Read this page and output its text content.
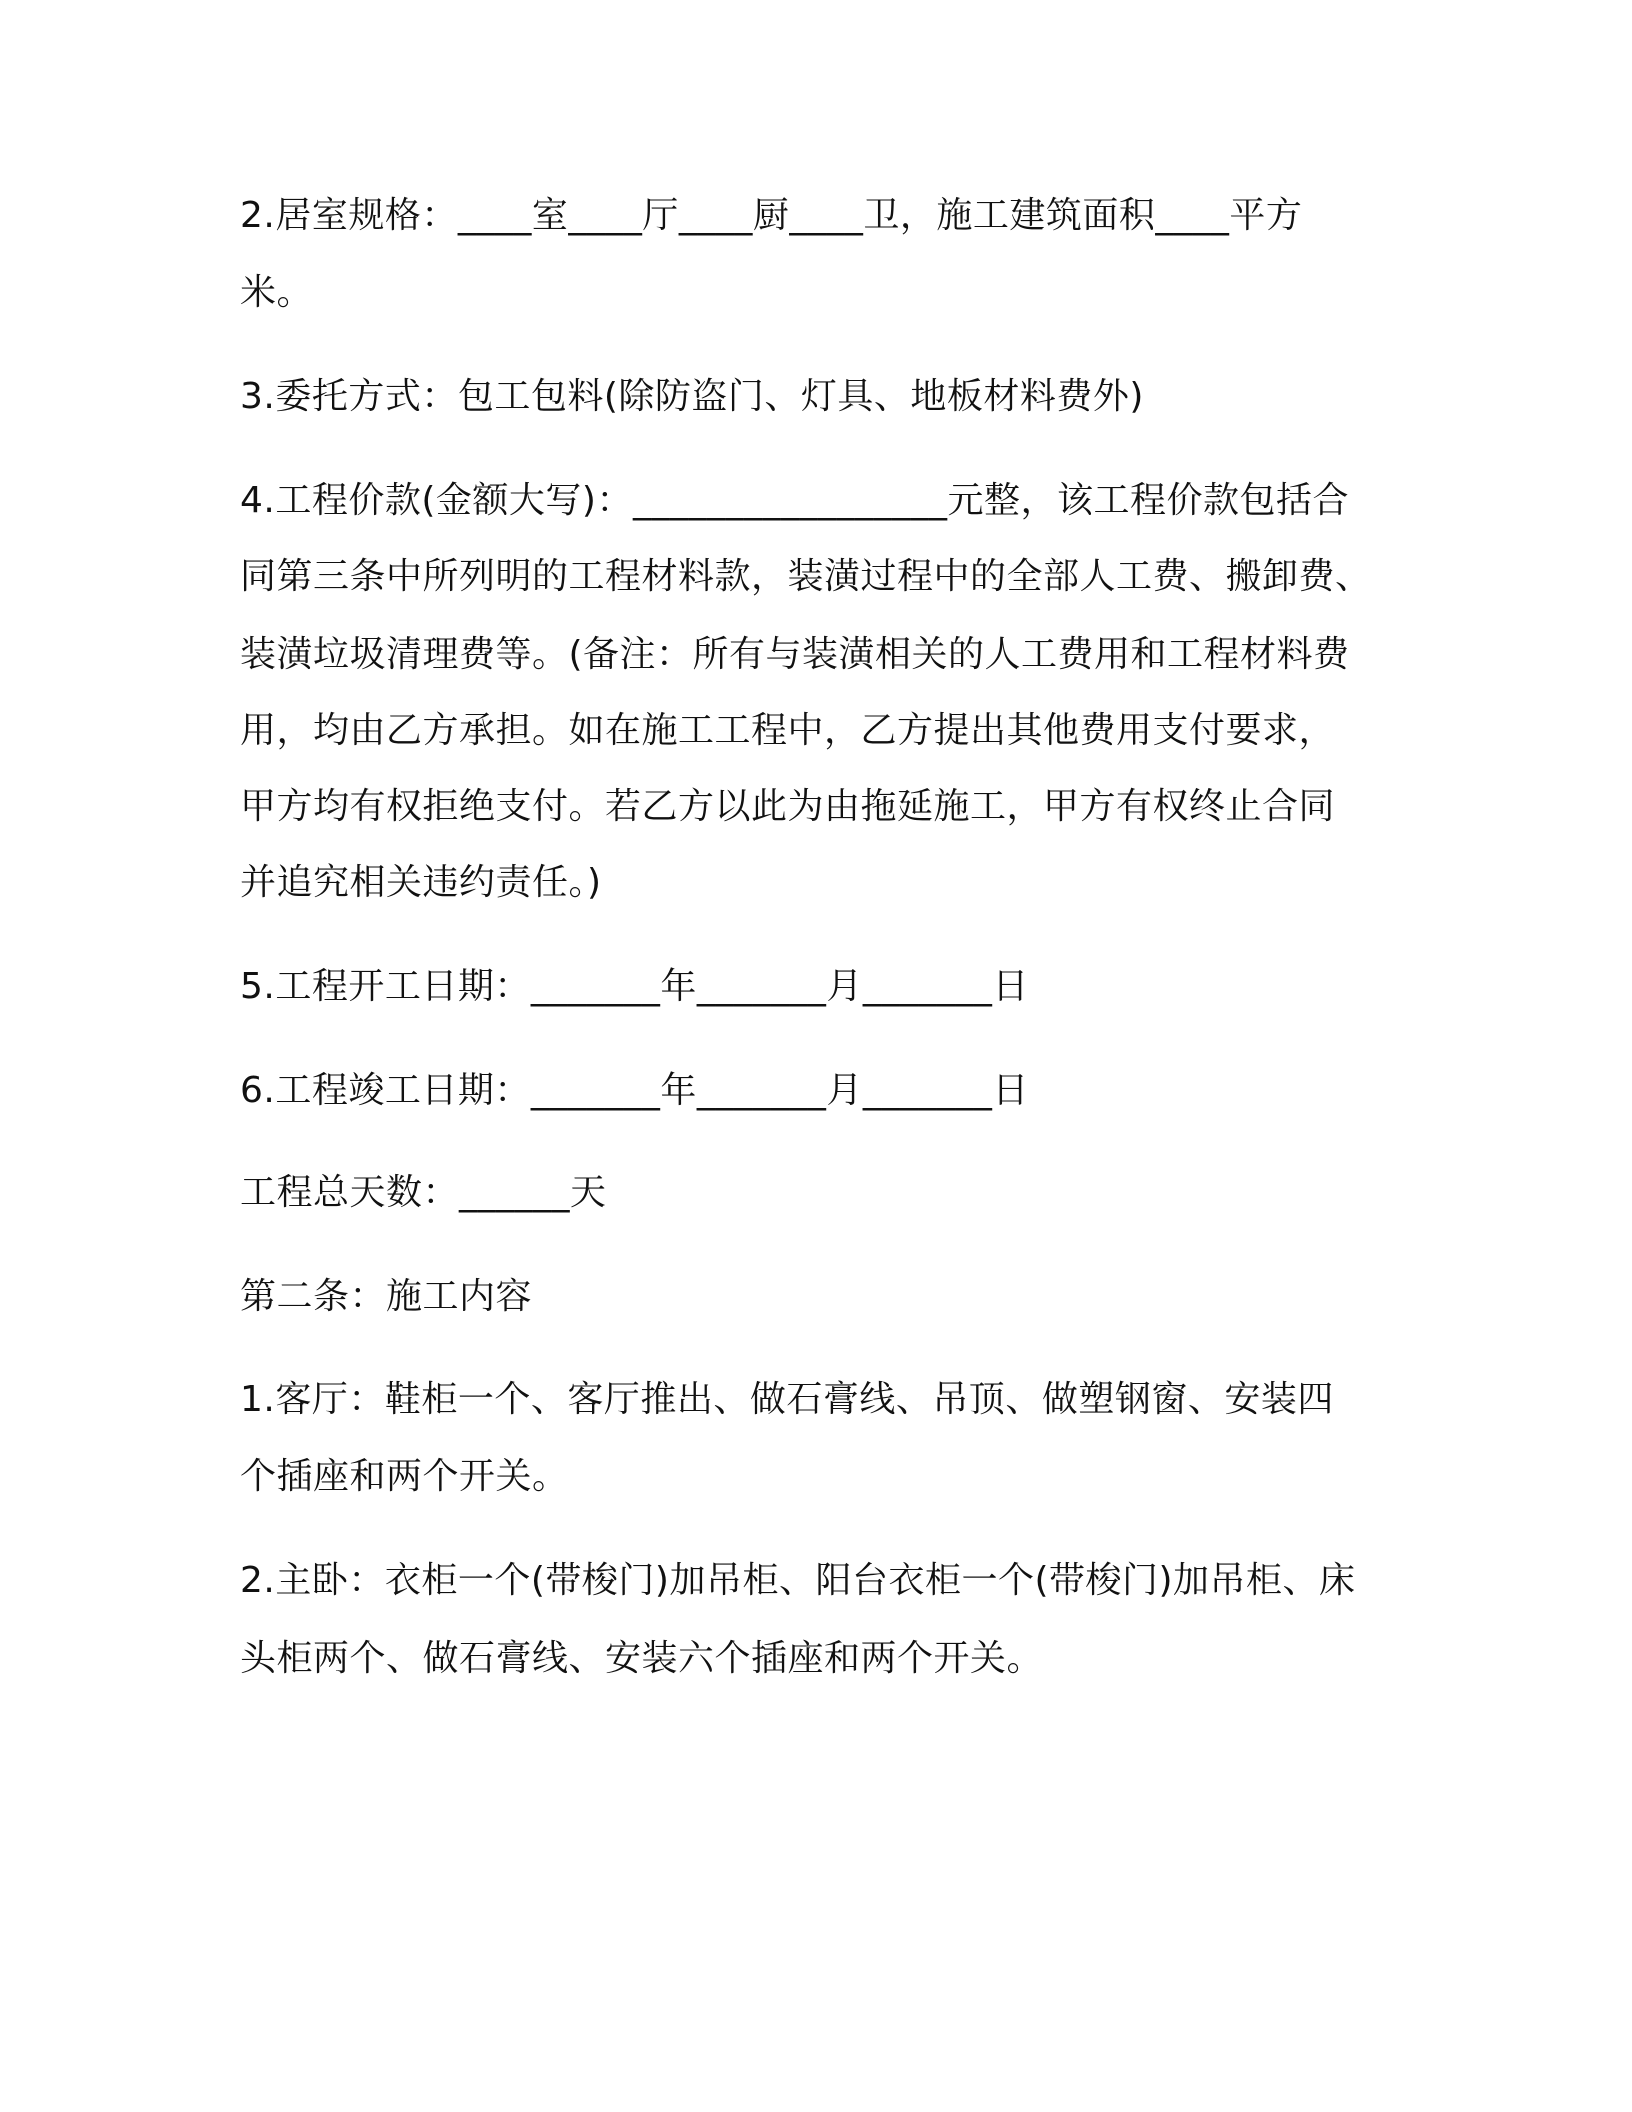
2.居室规格：____室____厅____厨____卫，施工建筑面积____平方
米。
3.委托方式：包工包料(除防盗门、灯具、地板材料费外)
4.工程价款(金额大写)：_________________元整，该工程价款包括合
同第三条中所列明的工程材料款，装潢过程中的全部人工费、搬卸费、
装潢垃圾清理费等。(备注：所有与装潢相关的人工费用和工程材料费
用，均由乙方承担。如在施工工程中，乙方提出其他费用支付要求，
甲方均有权拒绝支付。若乙方以此为由拖延施工，甲方有权终止合同
并追究相关违约责任。)
5.工程开工日期：_______年_______月_______日
6.工程竣工日期：_______年_______月_______日
工程总天数：______天
第二条：施工内容
1.客厅：鞋柜一个、客厅推出、做石膏线、吊顶、做塑钢窗、安装四
个插座和两个开关。
2.主卧：衣柜一个(带梭门)加吊柜、阳台衣柜一个(带梭门)加吊柜、床
头柜两个、做石膏线、安装六个插座和两个开关。
